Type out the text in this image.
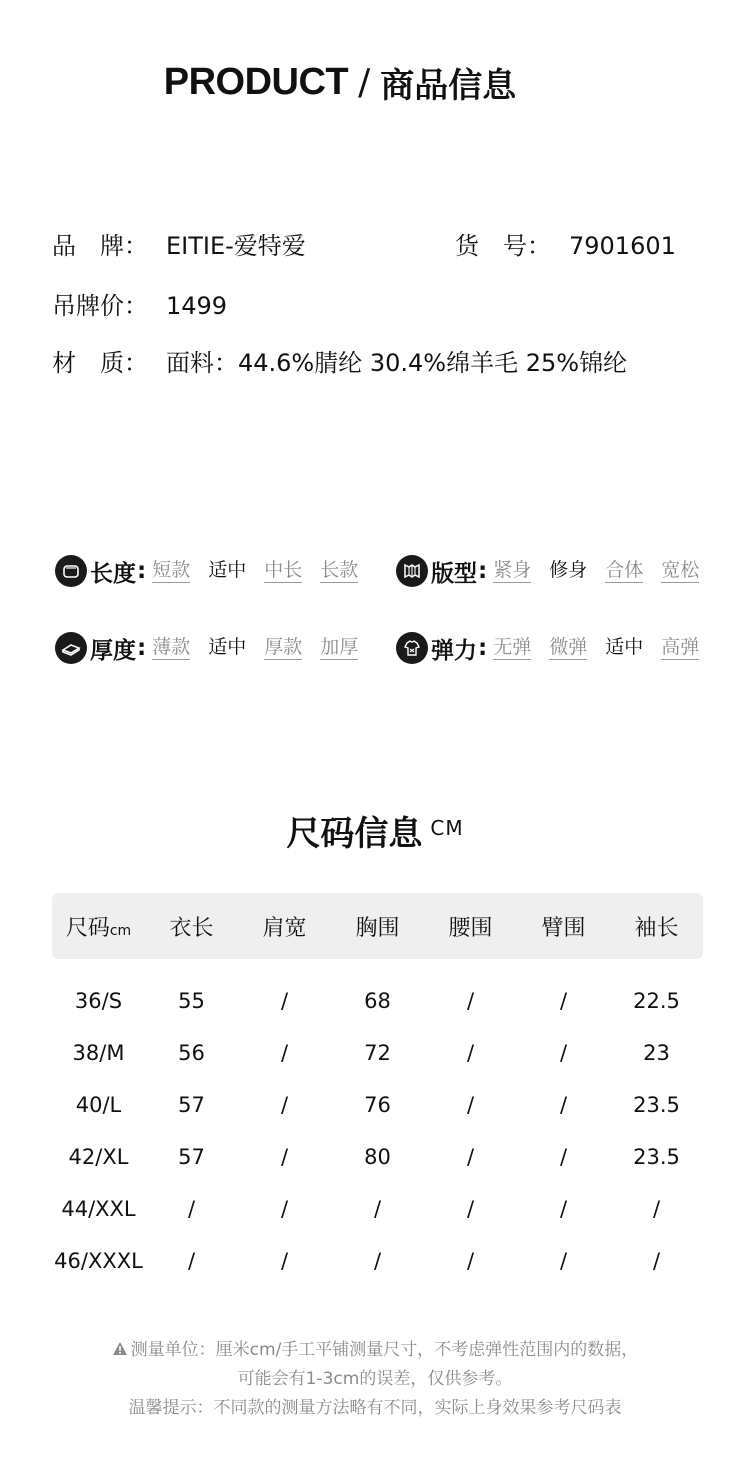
PRODUCT / 商品信息
品　牌： EITIE-爱特爱	货　号： 7901601
吊牌价： 1499
材　质： 面料：44.6%腈纶 30.4%绵羊毛 25%锦纶
长度 : 短款 适中 中长 长款	版型 : 紧身 修身 合体 宽松
厚度 : 薄款 适中 厚款 加厚	弹力 : 无弹 微弹 适中 高弹
尺码信息 CM
尺码cm	衣长	肩宽	胸围	腰围	臂围	袖长
36/S	55	/	68	/	/	22.5
38/M	56	/	72	/	/	23
40/L	57	/	76	/	/	23.5
42/XL	57	/	80	/	/	23.5
44/XXL	/	/	/	/	/	/
46/XXXL	/	/	/	/	/	/
测量单位：厘米cm/手工平铺测量尺寸，不考虑弹性范围内的数据，
可能会有1-3cm的误差，仅供参考。
温馨提示：不同款的测量方法略有不同，实际上身效果参考尺码表
